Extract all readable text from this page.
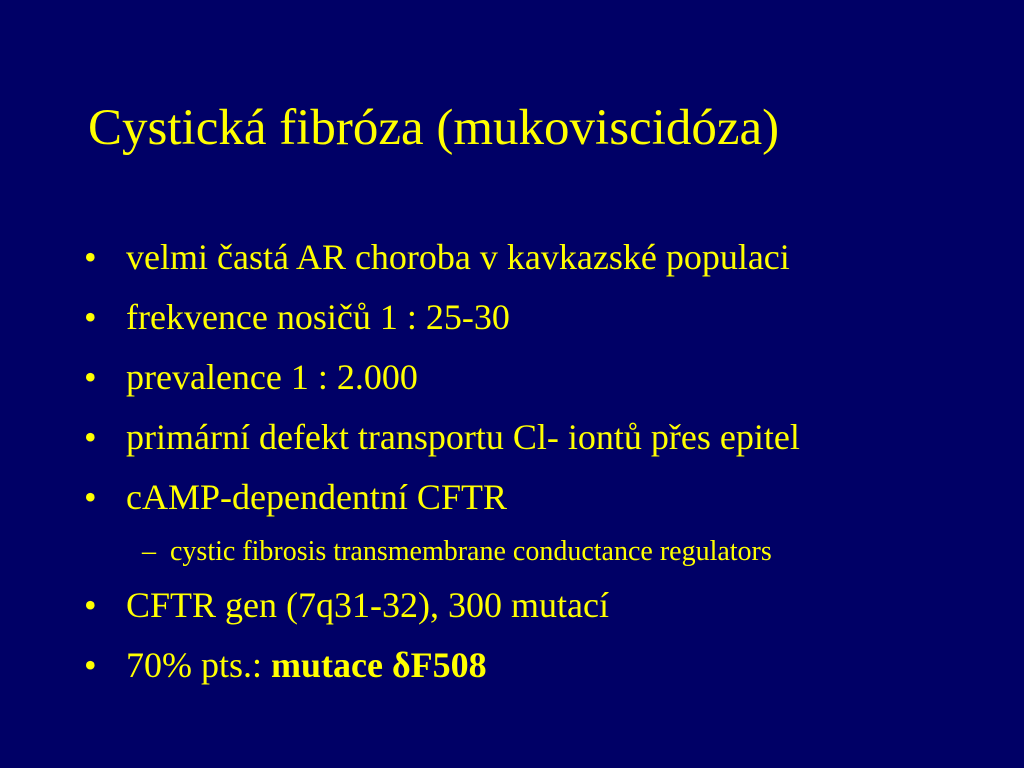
Cystická fibróza (mukoviscidóza)
• velmi častá AR choroba v kavkazské populaci
• frekvence nosičů 1 : 25-30
• prevalence 1 : 2.000
• primární defekt transportu Cl- iontů přes epitel
• cAMP-dependentní CFTR
– cystic fibrosis transmembrane conductance regulators
• CFTR gen (7q31-32), 300 mutací
• 70% pts.: mutace δF508
